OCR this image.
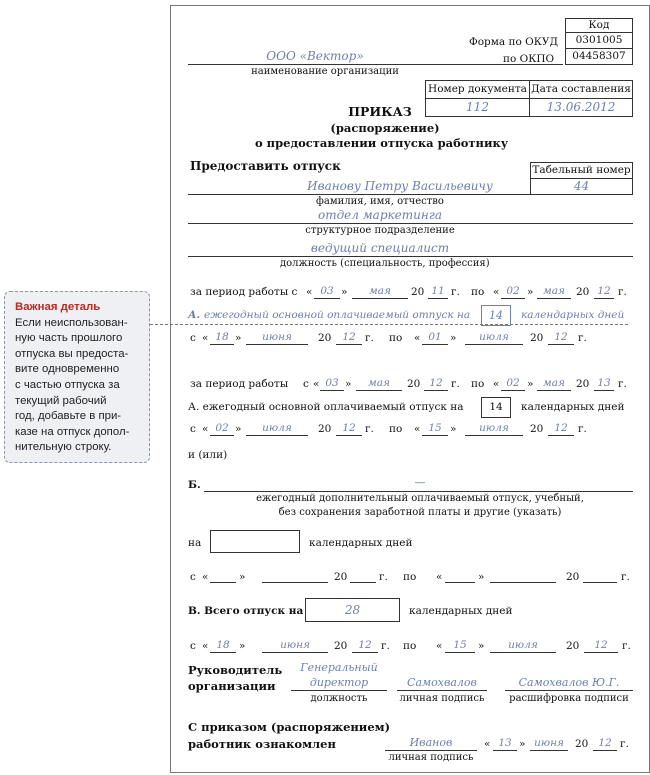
Важная деталь
Если неиспользован-
ную часть прошлого
отпуска вы предоста-
вите одновременно
с частью отпуска за
текущий рабочий
год, добавьте в при-
казе на отпуск допол-
нительную строку.
Код
0301005
04458307
Форма по ОКУД
по ОКПО
ООО «Вектор»
наименование организации
Номер документа Дата составления
112	13.06.2012
ПРИКАЗ
(распоряжение)
о предоставлении отпуска работнику
Предоставить отпуск	Табельный номер
44
Иванову Петру Васильевичу
фамилия, имя, отчество
отдел маркетинга
структурное подразделение
ведущий специалист
должность (специальность, профессия)
за период работы с « 03 »	мая	20 11 г. по « 02 » мая	20 12 г.
А. ежегодный основной оплачиваемый отпуск на	14	календарных дней
с « 18 »	июня	20	12 г. по « 01 »	июля	20	12 г.
за период работы с « 03 »	мая	20 12 г. по « 02 » мая	20 13 г.
А. ежегодный основной оплачиваемый отпуск на	14	календарных дней
с « 02 »	июля	20	12 г. по « 15 »	июля	20	12 г.
и (или)
Б.	—
ежегодный дополнительный оплачиваемый отпуск, учебный,
без сохранения заработной платы и другие (указать)
на	календарных дней
с «	»	20	г. по «	»	20	г.
В. Всего отпуск на	28	календарных дней
с « 18 »	июня	20	12 г. по «	15	»	июля	20	12	г.
Руководитель
организации
Генеральный
директор	Самохвалов	Самохвалов Ю.Г.
должность	личная подпись	расшифровка подписи
С приказом (распоряжением)
работник ознакомлен	Иванов
личная подпись
« 13 » июня	20 12 г.
